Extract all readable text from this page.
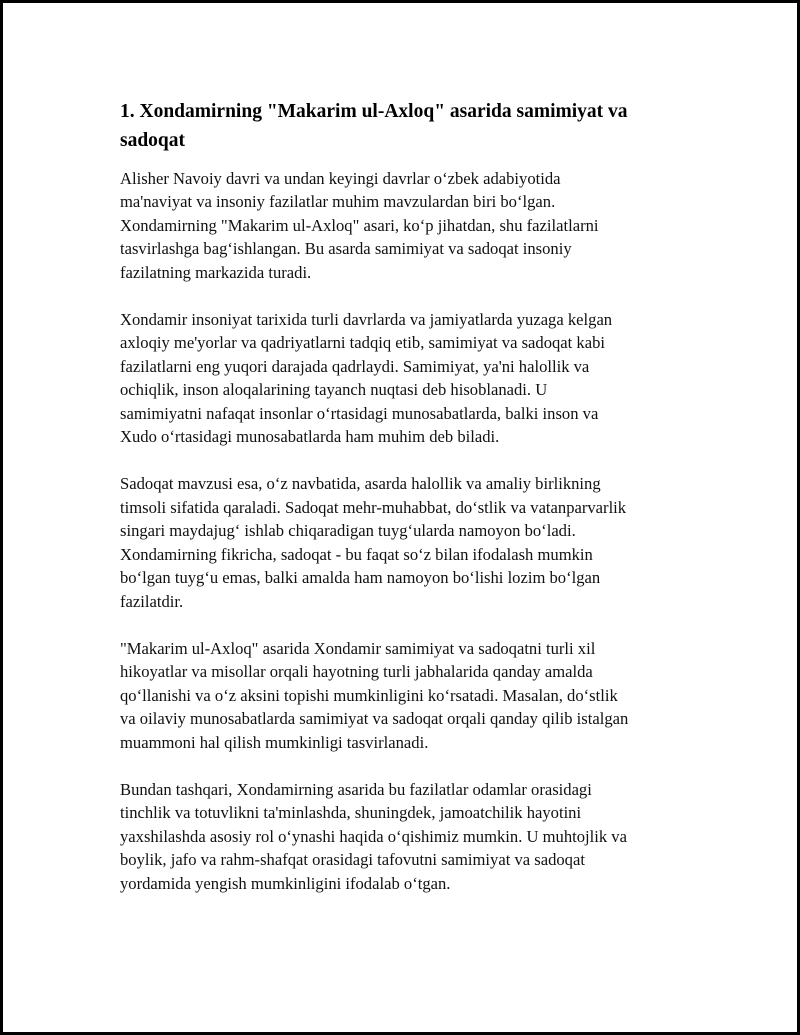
1. Xondamirning "Makarim ul-Axloq" asarida samimiyat va sadoqat

Alisher Navoiy davri va undan keyingi davrlar oʻzbek adabiyotida
ma'naviyat va insoniy fazilatlar muhim mavzulardan biri boʻlgan.
Xondamirning "Makarim ul-Axloq" asari, koʻp jihatdan, shu fazilatlarni
tasvirlashga bagʻishlangan. Bu asarda samimiyat va sadoqat insoniy
fazilatning markazida turadi.

Xondamir insoniyat tarixida turli davrlarda va jamiyatlarda yuzaga kelgan
axloqiy me'yorlar va qadriyatlarni tadqiq etib, samimiyat va sadoqat kabi
fazilatlarni eng yuqori darajada qadrlaydi. Samimiyat, ya'ni halollik va
ochiqlik, inson aloqalarining tayanch nuqtasi deb hisoblanadi. U
samimiyatni nafaqat insonlar oʻrtasidagi munosabatlarda, balki inson va
Xudo oʻrtasidagi munosabatlarda ham muhim deb biladi.

Sadoqat mavzusi esa, oʻz navbatida, asarda halollik va amaliy birlikning
timsoli sifatida qaraladi. Sadoqat mehr-muhabbat, doʻstlik va vatanparvarlik
singari maydajugʻ ishlab chiqaradigan tuygʻularda namoyon boʻladi.
Xondamirning fikricha, sadoqat - bu faqat soʻz bilan ifodalash mumkin
boʻlgan tuygʻu emas, balki amalda ham namoyon boʻlishi lozim boʻlgan
fazilatdir.

"Makarim ul-Axloq" asarida Xondamir samimiyat va sadoqatni turli xil
hikoyatlar va misollar orqali hayotning turli jabhalarida qanday amalda
qoʻllanishi va oʻz aksini topishi mumkinligini koʻrsatadi. Masalan, doʻstlik
va oilaviy munosabatlarda samimiyat va sadoqat orqali qanday qilib istalgan
muammoni hal qilish mumkinligi tasvirlanadi.

Bundan tashqari, Xondamirning asarida bu fazilatlar odamlar orasidagi
tinchlik va totuvlikni ta'minlashda, shuningdek, jamoatchilik hayotini
yaxshilashda asosiy rol oʻynashi haqida oʻqishimiz mumkin. U muhtojlik va
boylik, jafo va rahm-shafqat orasidagi tafovutni samimiyat va sadoqat
yordamida yengish mumkinligini ifodalab oʻtgan.
